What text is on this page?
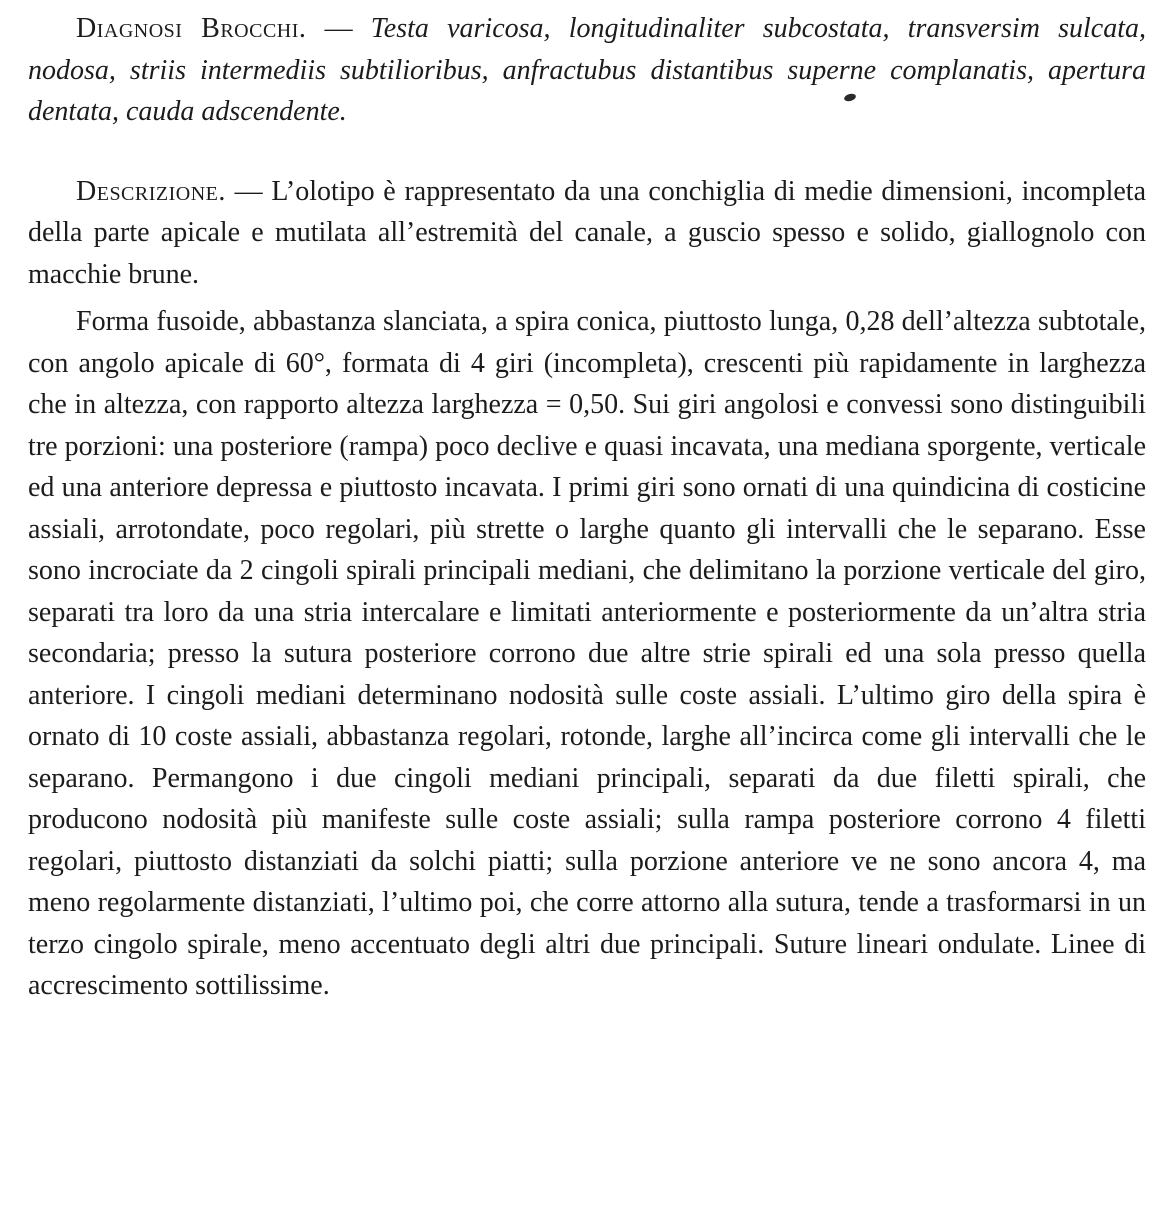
Diagnosi Brocchi. — Testa varicosa, longitudinaliter subcostata, transversim sulcata, nodosa, striis intermediis subtilioribus, anfractubus distantibus superne complanatis, apertura dentata, cauda adscendente.

Descrizione. — L’olotipo è rappresentato da una conchiglia di medie dimensioni, incompleta della parte apicale e mutilata all’estremità del canale, a guscio spesso e solido, giallognolo con macchie brune.

Forma fusoide, abbastanza slanciata, a spira conica, piuttosto lunga, 0,28 dell’altezza subtotale, con angolo apicale di 60°, formata di 4 giri (incompleta), crescenti più rapidamente in larghezza che in altezza, con rapporto altezza larghezza = 0,50. Sui giri angolosi e convessi sono distinguibili tre porzioni: una posteriore (rampa) poco declive e quasi incavata, una mediana sporgente, verticale ed una anteriore depressa e piuttosto incavata. I primi giri sono ornati di una quindicina di costicine assiali, arrotondate, poco regolari, più strette o larghe quanto gli intervalli che le separano. Esse sono incrociate da 2 cingoli spirali principali mediani, che delimitano la porzione verticale del giro, separati tra loro da una stria intercalare e limitati anteriormente e posteriormente da un’altra stria secondaria; presso la sutura posteriore corrono due altre strie spirali ed una sola presso quella anteriore. I cingoli mediani determinano nodosità sulle coste assiali. L’ultimo giro della spira è ornato di 10 coste assiali, abbastanza regolari, rotonde, larghe all’incirca come gli intervalli che le separano. Permangono i due cingoli mediani principali, separati da due filetti spirali, che producono nodosità più manifeste sulle coste assiali; sulla rampa posteriore corrono 4 filetti regolari, piuttosto distanziati da solchi piatti; sulla porzione anteriore ve ne sono ancora 4, ma meno regolarmente distanziati, l’ultimo poi, che corre attorno alla sutura, tende a trasformarsi in un terzo cingolo spirale, meno accentuato degli altri due principali. Suture lineari ondulate. Linee di accrescimento sottilissime.
